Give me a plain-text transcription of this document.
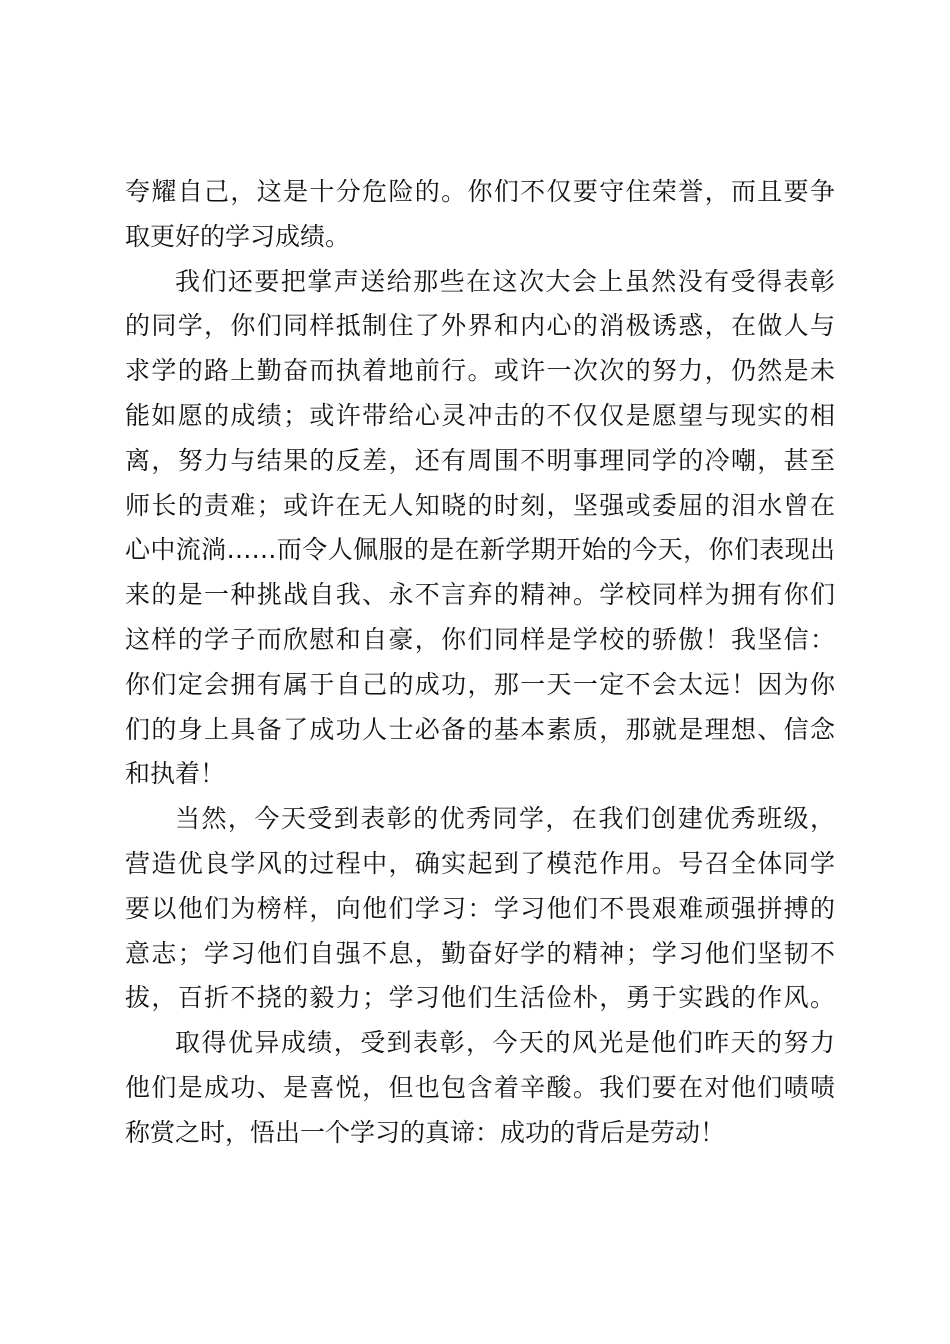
夸耀自己，这是十分危险的。你们不仅要守住荣誉，而且要争
取更好的学习成绩。
我们还要把掌声送给那些在这次大会上虽然没有受得表彰
的同学，你们同样抵制住了外界和内心的消极诱惑，在做人与
求学的路上勤奋而执着地前行。或许一次次的努力，仍然是未
能如愿的成绩；或许带给心灵冲击的不仅仅是愿望与现实的相
离，努力与结果的反差，还有周围不明事理同学的冷嘲，甚至
师长的责难；或许在无人知晓的时刻，坚强或委屈的泪水曾在
心中流淌……而令人佩服的是在新学期开始的今天，你们表现出
来的是一种挑战自我、永不言弃的精神。学校同样为拥有你们
这样的学子而欣慰和自豪，你们同样是学校的骄傲！我坚信：
你们定会拥有属于自己的成功，那一天一定不会太远！因为你
们的身上具备了成功人士必备的基本素质，那就是理想、信念
和执着！
当然，今天受到表彰的优秀同学，在我们创建优秀班级，
营造优良学风的过程中，确实起到了模范作用。号召全体同学
要以他们为榜样，向他们学习：学习他们不畏艰难顽强拼搏的
意志；学习他们自强不息，勤奋好学的精神；学习他们坚韧不
拔，百折不挠的毅力；学习他们生活俭朴，勇于实践的作风。
取得优异成绩，受到表彰，今天的风光是他们昨天的努力
他们是成功、是喜悦，但也包含着辛酸。我们要在对他们啧啧
称赏之时，悟出一个学习的真谛：成功的背后是劳动！
